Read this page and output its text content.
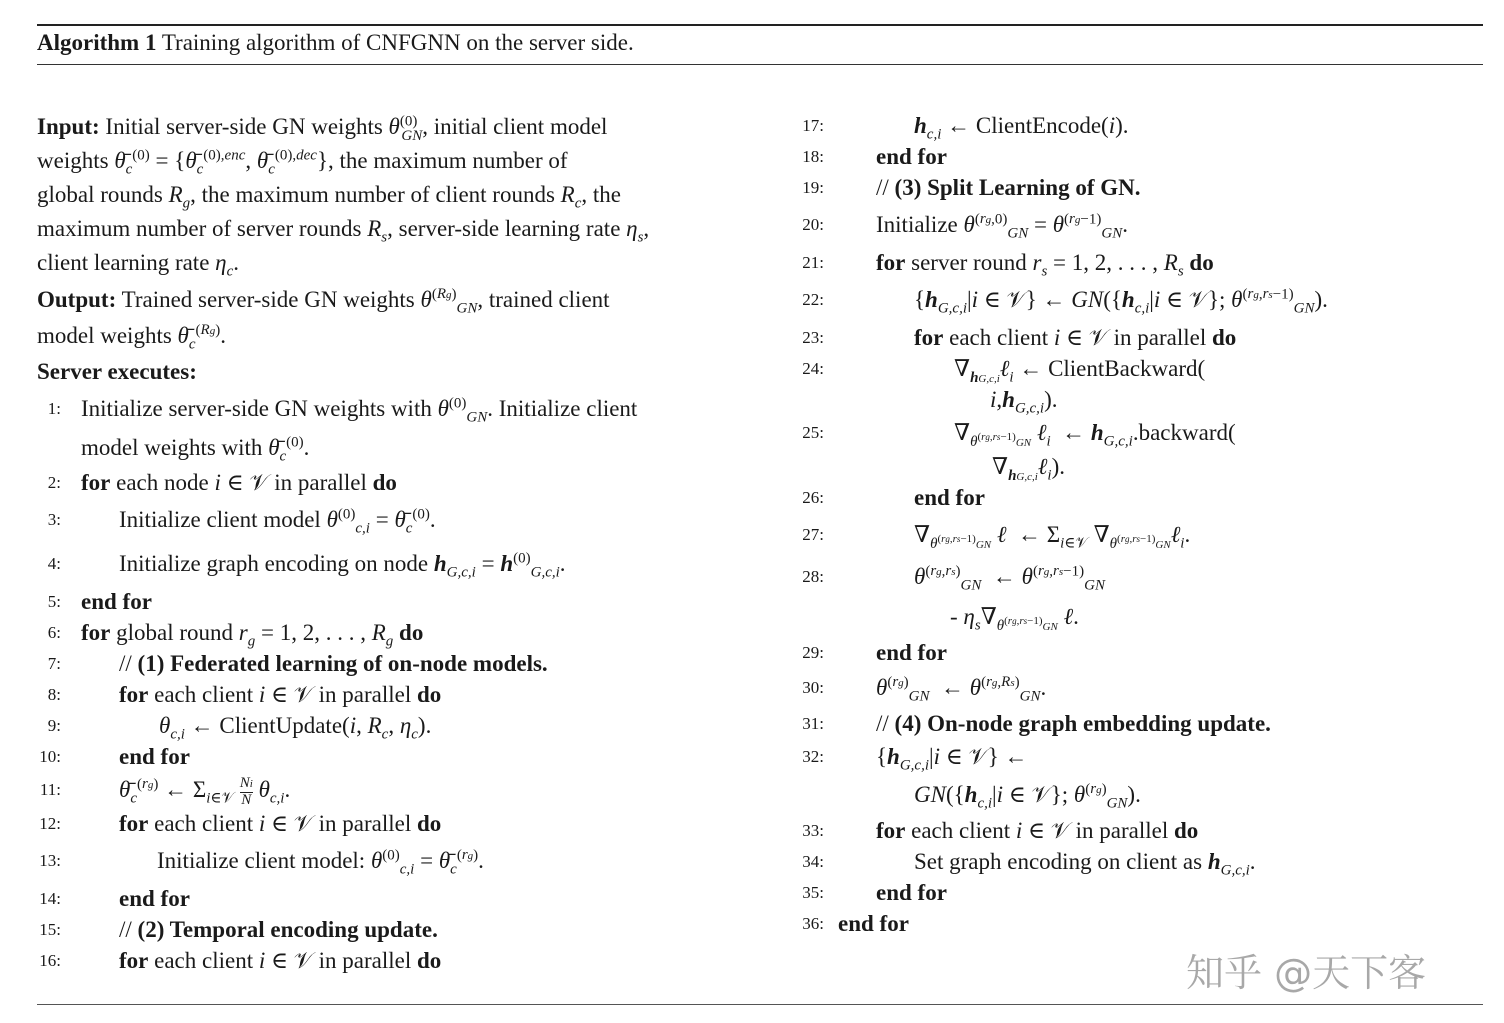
Algorithm 1 Training algorithm of CNFGNN on the server side.
Input: Initial server-side GN weights $\theta^{(0)}_{GN}$, initial client model
weights $\thetā_c^{(0)}$ = {$\thetā_c^{(0),enc}$, $\thetā_c^{(0),dec}$}, the maximum number of
global rounds $R_g$, the maximum number of client rounds $R_c$, the
maximum number of server rounds $R_s$, server-side learning rate $\eta_s$,
client learning rate $\eta_c$.
Output: Trained server-side GN weights $\theta^{(Rg)}_{GN}$, trained client
model weights $\thetā_c^{(Rg)}$.
Server executes:
1: Initialize server-side GN weights with $\theta^{(0)}_{GN}$. Initialize client
model weights with $\thetā_c^{(0)}$.
2: for each node i ∈ 𝒱 in parallel do
3:	Initialize client model $\theta^{(0)}_{c,i}$ = $\thetā_c^{(0)}$.
4:	Initialize graph encoding on node $h_{G,c,i} = h^{(0)}_{G,c,i}$.
5: end for
6: for global round $r_g = 1$, 2, . . . , $R_g$ do
7:	// (1) Federated learning of on-node models.
8:	for each client i ∈ 𝒱 in parallel do
9:	$\theta_{c,i}$ ← ClientUpdate(i, $R_c$, $\eta_c$).
10:	end for
11:	$\thetā_c^{(rg)}$ ← $\Sigma_{i\in 𝒱} \frac{Ni}{N} \theta_{c,i}$.
12:	for each client i ∈ 𝒱 in parallel do
13:	Initialize client model: $\theta^{(0)}_{c,i}$ = $\thetā_c^{(rg)}$.
14:	end for
15:	// (2) Temporal encoding update.
16:	for each client i ∈ 𝒱 in parallel do
17:	$h_{c,i}$ ← ClientEncode(i).
18: end for
19: // (3) Split Learning of GN.
20: Initialize $\theta^{(rg,0)}_{GN} = \theta^{(rg-1)}_{GN}$.
21: for server round $r_s = 1$, 2, . . . , $R_s$ do
22:	{$h_{G,c,i}|i$ ∈ 𝒱} ← $GN(\{h_{c,i}|i$ ∈ 𝒱}; $\theta^{(rg,rs-1)}_{GN}$).
23:	for each client i ∈ 𝒱 in parallel do
24:	$\nabla_{hG,c,i}\ell_i$ ← ClientBackward(
$i,h_{G,c,i}$).
25:	$\nabla_{\theta^{(rg,rs-1)}GN}$ ℓ$_i$  ← $h_{G,c,i}.backward$(
$\nabla_{hG,c,i}\ell_i$).
26:	end for
27:	$\nabla_{\theta^{(rg,rs-1)}GN}$ ℓ  ← $\Sigma_{i\in 𝒱}$ $\nabla_{\theta^{(rg,rs-1)}GN}\ell_i$.
28:	$\theta^{(rg,rs)}_{GN}$  ← $\theta^{(rg,rs-1)}_{GN}$
- $\eta_s\nabla_{\theta^{(rg,rs-1)}GN}$ ℓ.
29: end for
30: $\theta^{(rg)}_{GN}$  ← $\theta^{(rg,Rs)}_{GN}$.
31: // (4) On-node graph embedding update.
32: {$h_{G,c,i}|i$ ∈ 𝒱} ←
$GN(\{h_{c,i}|i$ ∈ 𝒱}; $\theta^{(rg)}_{GN}$).
33: for each client i ∈ 𝒱 in parallel do
34:	Set graph encoding on client as $h_{G,c,i}$.
35: end for
36: end for
知乎 @天下客
